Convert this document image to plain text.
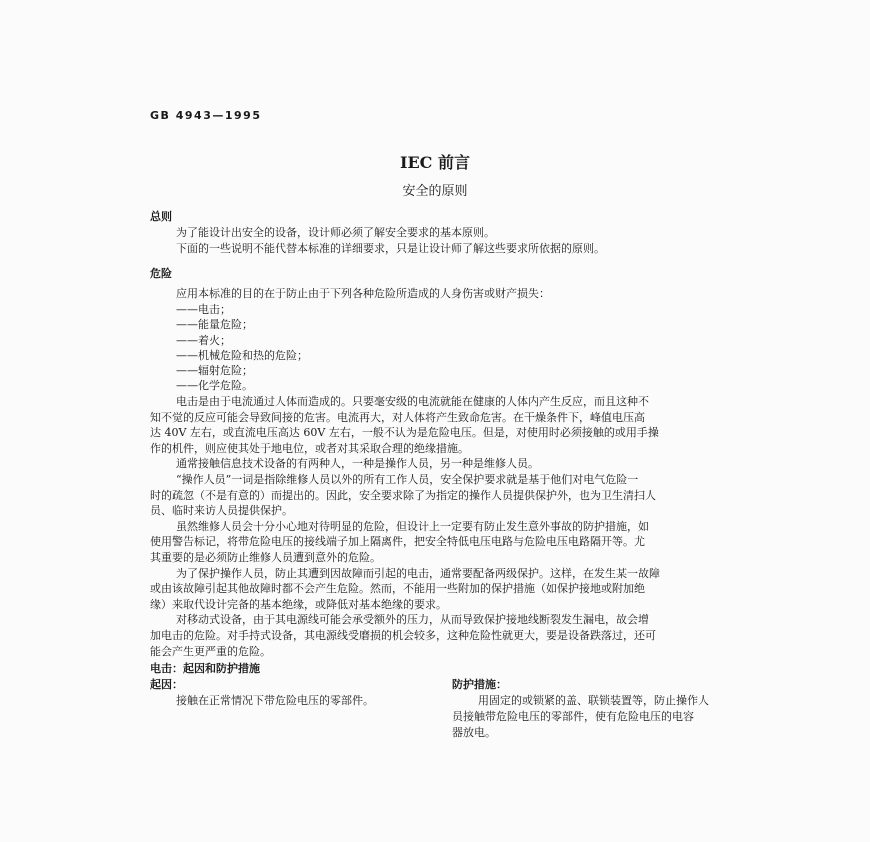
GB 4943—1995
IEC 前言
安全的原则
总则
为了能设计出安全的设备，设计师必须了解安全要求的基本原则。
下面的一些说明不能代替本标准的详细要求，只是让设计师了解这些要求所依据的原则。
危险
应用本标准的目的在于防止由于下列各种危险所造成的人身伤害或财产损失：
——电击；
——能量危险；
——着火；
——机械危险和热的危险；
——辐射危险；
——化学危险。
电击是由于电流通过人体而造成的。只要毫安级的电流就能在健康的人体内产生反应，而且这种不
知不觉的反应可能会导致间接的危害。电流再大，对人体将产生致命危害。在干燥条件下，峰值电压高
达 40V 左右，或直流电压高达 60V 左右，一般不认为是危险电压。但是，对使用时必须接触的或用手操
作的机件，则应使其处于地电位，或者对其采取合理的绝缘措施。
通常接触信息技术设备的有两种人，一种是操作人员，另一种是维修人员。
“操作人员”一词是指除维修人员以外的所有工作人员，安全保护要求就是基于他们对电气危险一
时的疏忽（不是有意的）而提出的。因此，安全要求除了为指定的操作人员提供保护外，也为卫生清扫人
员、临时来访人员提供保护。
虽然维修人员会十分小心地对待明显的危险，但设计上一定要有防止发生意外事故的防护措施，如
使用警告标记，将带危险电压的接线端子加上隔离件，把安全特低电压电路与危险电压电路隔开等。尤
其重要的是必须防止维修人员遭到意外的危险。
为了保护操作人员，防止其遭到因故障而引起的电击，通常要配备两级保护。这样，在发生某一故障
或由该故障引起其他故障时都不会产生危险。然而，不能用一些附加的保护措施（如保护接地或附加绝
缘）来取代设计完备的基本绝缘，或降低对基本绝缘的要求。
对移动式设备，由于其电源线可能会承受额外的压力，从而导致保护接地线断裂发生漏电，故会增
加电击的危险。对手持式设备，其电源线受磨损的机会较多，这种危险性就更大，要是设备跌落过，还可
能会产生更严重的危险。
电击：起因和防护措施
起因：
接触在正常情况下带危险电压的零部件。
防护措施：
用固定的或锁紧的盖、联锁装置等，防止操作人
员接触带危险电压的零部件，使有危险电压的电容
器放电。
